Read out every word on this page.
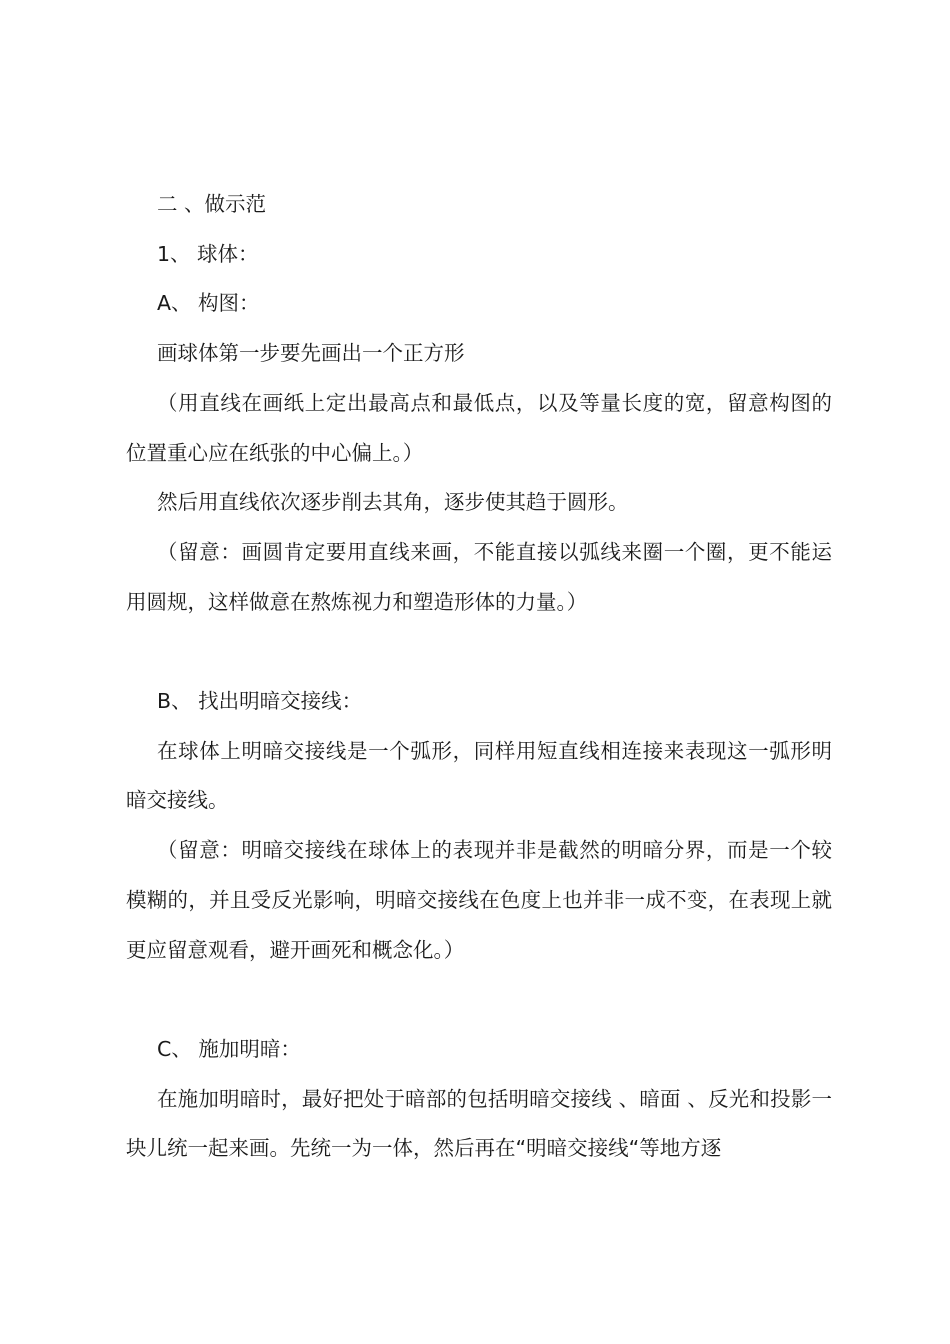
二 、做示范

1、 球体：

A、 构图：

画球体第一步要先画出一个正方形

（用直线在画纸上定出最高点和最低点，以及等量长度的宽，留意构图的位置重心应在纸张的中心偏上。）

然后用直线依次逐步削去其角，逐步使其趋于圆形。

（留意：画圆肯定要用直线来画，不能直接以弧线来圈一个圈，更不能运用圆规，这样做意在熬炼视力和塑造形体的力量。）

B、 找出明暗交接线：

在球体上明暗交接线是一个弧形，同样用短直线相连接来表现这一弧形明暗交接线。

（留意：明暗交接线在球体上的表现并非是截然的明暗分界，而是一个较模糊的，并且受反光影响，明暗交接线在色度上也并非一成不变，在表现上就更应留意观看，避开画死和概念化。）

C、 施加明暗：

在施加明暗时，最好把处于暗部的包括明暗交接线 、暗面 、反光和投影一块儿统一起来画。先统一为一体，然后再在“明暗交接线“等地方逐
